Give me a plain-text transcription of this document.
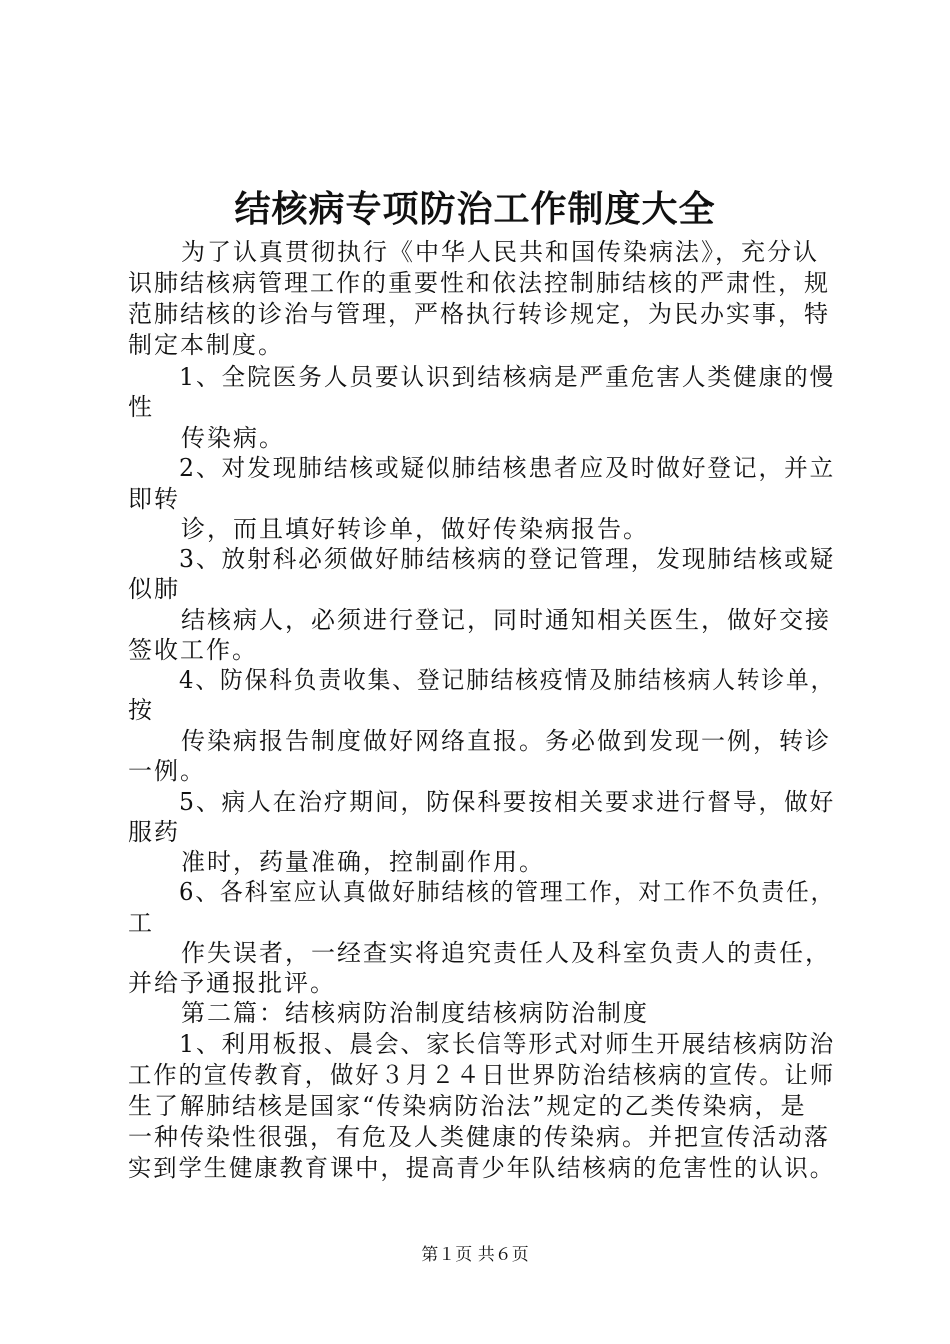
结核病专项防治工作制度大全
为了认真贯彻执行《中华人民共和国传染病法》，充分认
识肺结核病管理工作的重要性和依法控制肺结核的严肃性，规
范肺结核的诊治与管理，严格执行转诊规定，为民办实事，特
制定本制度。
1、全院医务人员要认识到结核病是严重危害人类健康的慢
性
传染病。
2、对发现肺结核或疑似肺结核患者应及时做好登记，并立
即转
诊，而且填好转诊单，做好传染病报告。
3、放射科必须做好肺结核病的登记管理，发现肺结核或疑
似肺
结核病人，必须进行登记，同时通知相关医生，做好交接
签收工作。
4、防保科负责收集、登记肺结核疫情及肺结核病人转诊单，
按
传染病报告制度做好网络直报。务必做到发现一例，转诊
一例。
5、病人在治疗期间，防保科要按相关要求进行督导，做好
服药
准时，药量准确，控制副作用。
6、各科室应认真做好肺结核的管理工作，对工作不负责任，
工
作失误者，一经查实将追究责任人及科室负责人的责任，
并给予通报批评。
第二篇：结核病防治制度结核病防治制度
1、利用板报、晨会、家长信等形式对师生开展结核病防治
工作的宣传教育，做好３月２４日世界防治结核病的宣传。让师
生了解肺结核是国家“传染病防治法”规定的乙类传染病，是
一种传染性很强，有危及人类健康的传染病。并把宣传活动落
实到学生健康教育课中，提高青少年队结核病的危害性的认识。
第１页 共６页
